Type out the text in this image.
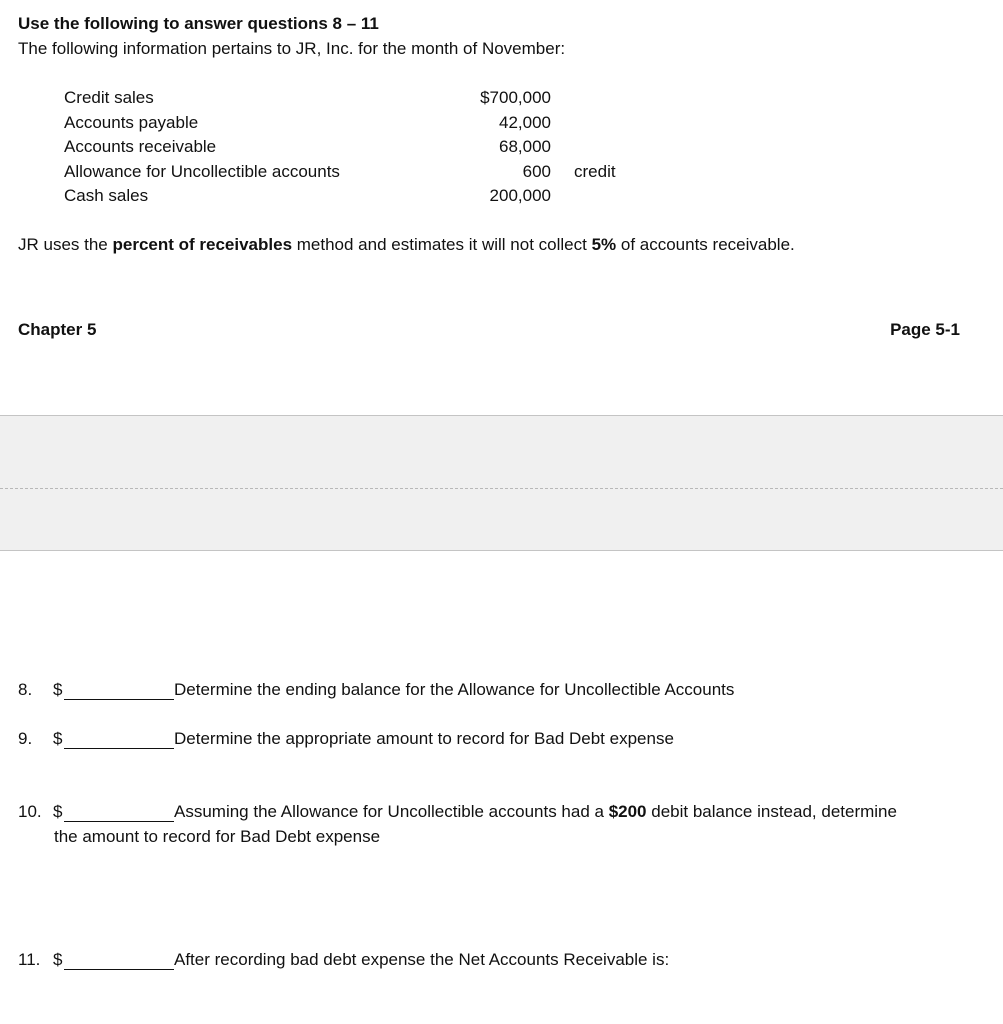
Use the following to answer questions 8 – 11
The following information pertains to JR, Inc. for the month of November:
Credit sales	$700,000
Accounts payable	42,000
Accounts receivable	68,000
Allowance for Uncollectible accounts	600 credit
Cash sales	200,000
JR uses the percent of receivables method and estimates it will not collect 5% of accounts receivable.
Chapter 5	Page 5-1
8. $	Determine the ending balance for the Allowance for Uncollectible Accounts
9. $	Determine the appropriate amount to record for Bad Debt expense
10. $	Assuming the Allowance for Uncollectible accounts had a $200 debit balance instead, determine
the amount to record for Bad Debt expense
11. $	After recording bad debt expense the Net Accounts Receivable is:
